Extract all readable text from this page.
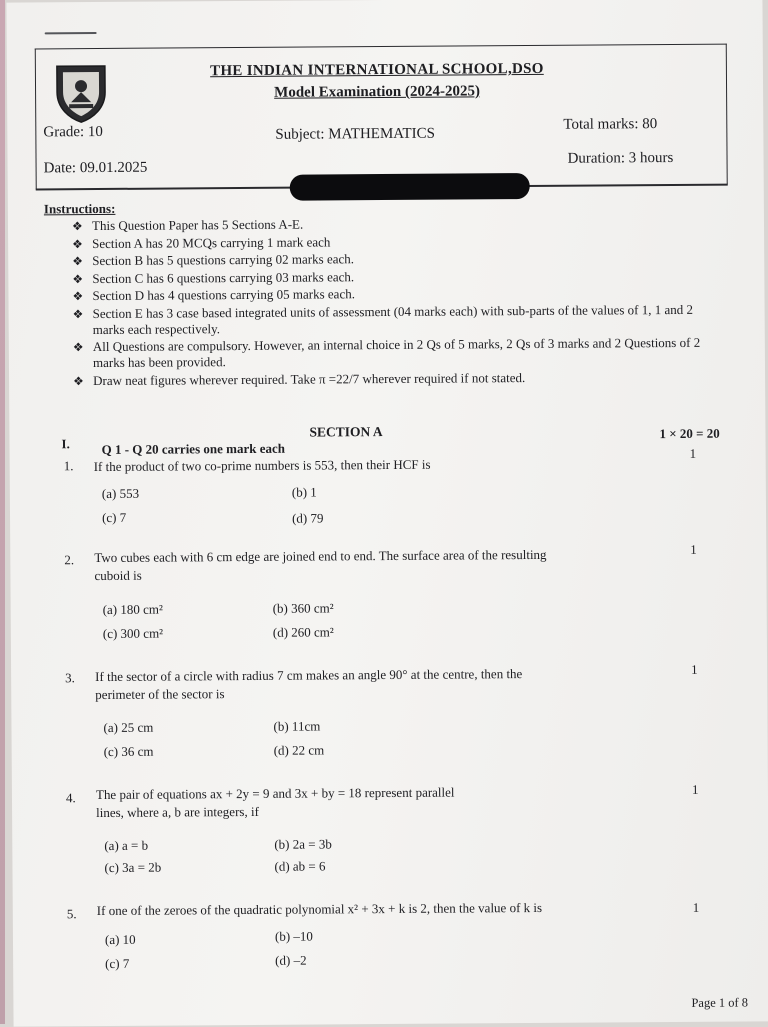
THE INDIAN INTERNATIONAL SCHOOL,DSO
Model Examination (2024-2025)
Grade: 10	Subject: MATHEMATICS
Total marks: 80
Date: 09.01.2025
Duration: 3 hours
Instructions:
❖ This Question Paper has 5 Sections A-E.
❖ Section A has 20 MCQs carrying 1 mark each
❖ Section B has 5 questions carrying 02 marks each.
❖ Section C has 6 questions carrying 03 marks each.
❖ Section D has 4 questions carrying 05 marks each.
❖ Section E has 3 case based integrated units of assessment (04 marks each) with sub-parts of the values of 1, 1 and 2 marks each respectively.
❖ All Questions are compulsory. However, an internal choice in 2 Qs of 5 marks, 2 Qs of 3 marks and 2 Questions of 2 marks has been provided.
❖ Draw neat figures wherever required. Take π =22/7 wherever required if not stated.
SECTION A	1 × 20 = 20
I. Q 1 - Q 20 carries one mark each
1. If the product of two co-prime numbers is 553, then their HCF is
1
(a) 553	(b) 1
(c) 7	(d) 79
2. Two cubes each with 6 cm edge are joined end to end. The surface area of the resulting
cuboid is
1
(a) 180 cm²	(b) 360 cm²
(c) 300 cm²	(d) 260 cm²
3. If the sector of a circle with radius 7 cm makes an angle 90° at the centre, then the
perimeter of the sector is
1
(a) 25 cm	(b) 11cm
(c) 36 cm	(d) 22 cm
4. The pair of equations ax + 2y = 9 and 3x + by = 18 represent parallel
lines, where a, b are integers, if
1
(a) a = b	(b) 2a = 3b
(c) 3a = 2b	(d) ab = 6
5. If one of the zeroes of the quadratic polynomial x² + 3x + k is 2, then the value of k is	1
(a) 10	(b) –10
(c) 7	(d) –2
Page 1 of 8
